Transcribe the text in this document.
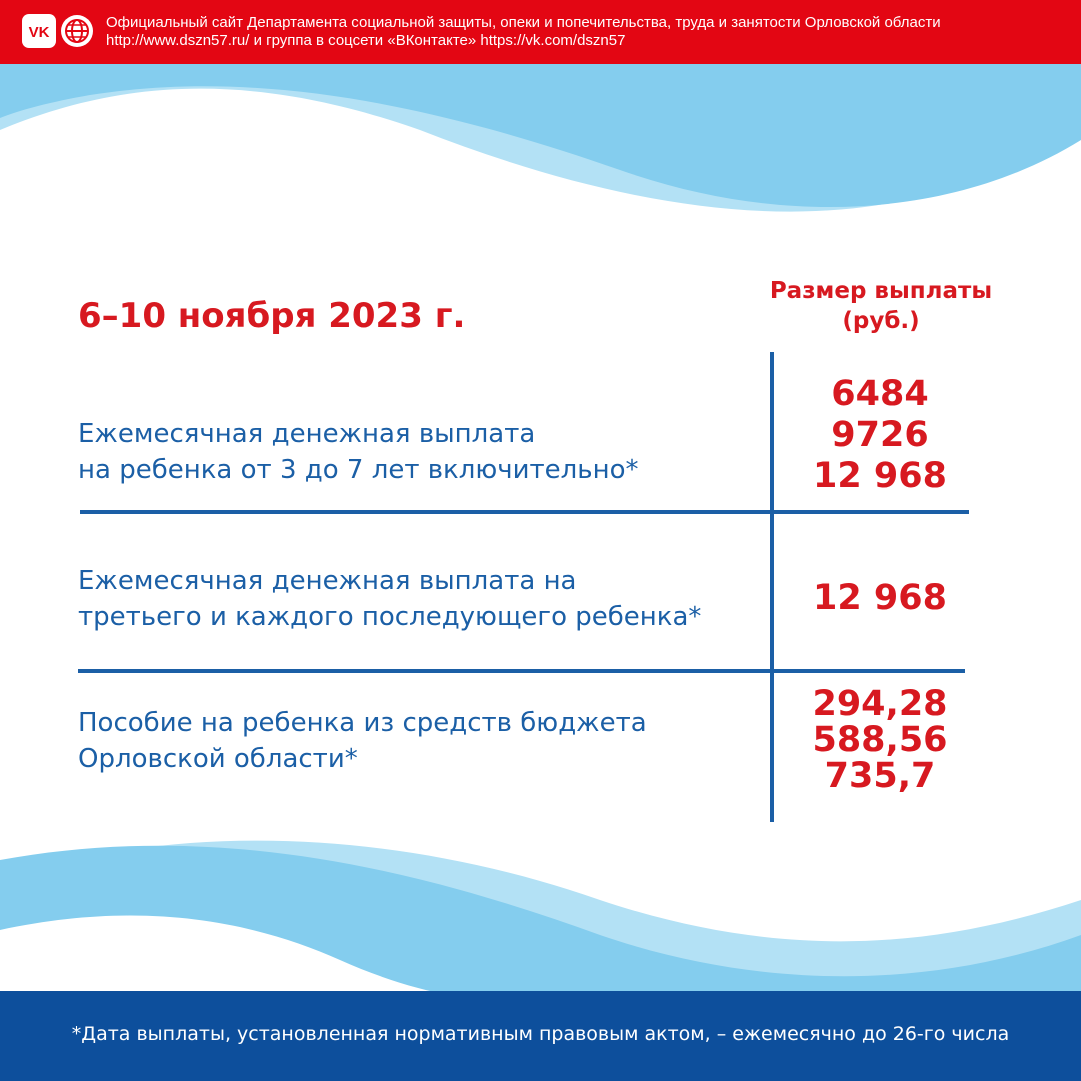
VK
Официальный сайт Департамента социальной защиты, опеки и попечительства, труда и занятости Орловской области
http://www.dszn57.ru/ и группа в соцсети «ВКонтакте» https://vk.com/dszn57
6–10 ноября 2023 г.
Размер выплаты
(руб.)
Ежемесячная денежная выплата
на ребенка от 3 до 7 лет включительно*
6484
9726
12 968
Ежемесячная денежная выплата на
третьего и каждого последующего ребенка*	12 968
Пособие на ребенка из средств бюджета
Орловской области*
294,28
588,56
735,7
*Дата выплаты, установленная нормативным правовым актом, – ежемесячно до 26-го числа
